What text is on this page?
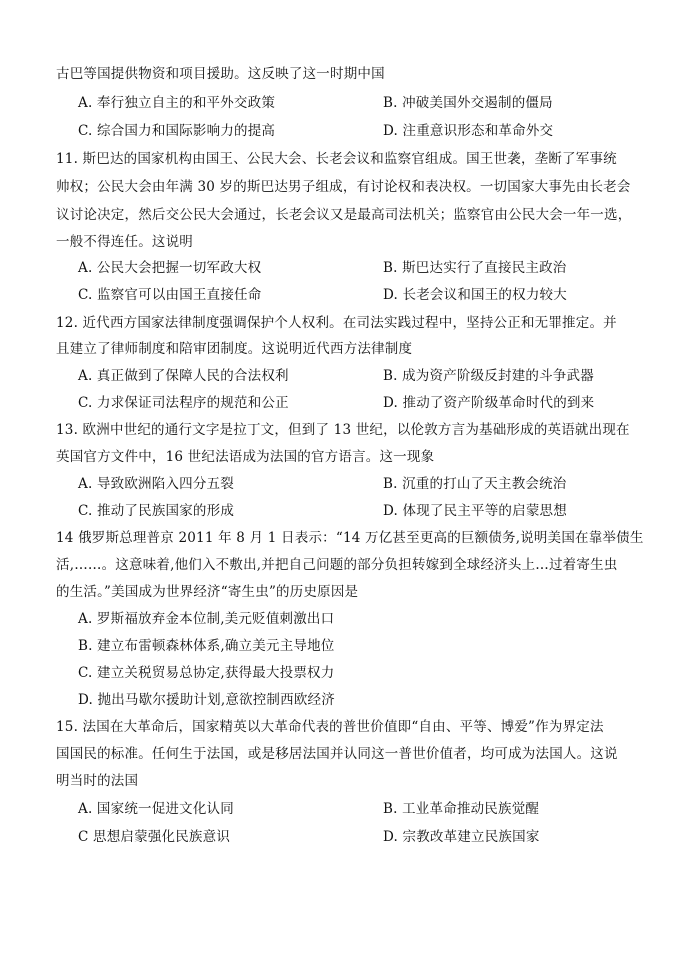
古巴等国提供物资和项目援助。这反映了这一时期中国
A. 奉行独立自主的和平外交政策	B. 冲破美国外交遏制的僵局
C. 综合国力和国际影响力的提高	D. 注重意识形态和革命外交
11. 斯巴达的国家机构由国王、公民大会、长老会议和监察官组成。国王世袭，垄断了军事统
帅权；公民大会由年满 30 岁的斯巴达男子组成，有讨论权和表决权。一切国家大事先由长老会
议讨论决定，然后交公民大会通过，长老会议又是最高司法机关；监察官由公民大会一年一选，
一般不得连任。这说明
A. 公民大会把握一切军政大权	B. 斯巴达实行了直接民主政治
C. 监察官可以由国王直接任命	D. 长老会议和国王的权力较大
12. 近代西方国家法律制度强调保护个人权利。在司法实践过程中，坚持公正和无罪推定。并
且建立了律师制度和陪审团制度。这说明近代西方法律制度
A. 真正做到了保障人民的合法权利	B. 成为资产阶级反封建的斗争武器
C. 力求保证司法程序的规范和公正	D. 推动了资产阶级革命时代的到来
13. 欧洲中世纪的通行文字是拉丁文，但到了 13 世纪，以伦敦方言为基础形成的英语就出现在
英国官方文件中，16 世纪法语成为法国的官方语言。这一现象
A. 导致欧洲陷入四分五裂	B. 沉重的打山了天主教会统治
C. 推动了民族国家的形成	D. 体现了民主平等的启蒙思想
14 俄罗斯总理普京 2011 年 8 月 1 日表示：“14 万亿甚至更高的巨额债务,说明美国在靠举债生
活,……。这意味着,他们入不敷出,并把自己问题的部分负担转嫁到全球经济头上…过着寄生虫
的生活。”美国成为世界经济“寄生虫”的历史原因是
A. 罗斯福放弃金本位制,美元贬值刺激出口
B. 建立布雷顿森林体系,确立美元主导地位
C. 建立关税贸易总协定,获得最大投票权力
D. 抛出马歇尔援助计划,意欲控制西欧经济
15. 法国在大革命后，国家精英以大革命代表的普世价值即“自由、平等、博爱”作为界定法
国国民的标准。任何生于法国，或是移居法国并认同这一普世价值者，均可成为法国人。这说
明当时的法国
A. 国家统一促进文化认同	B. 工业革命推动民族觉醒
C 思想启蒙强化民族意识	D. 宗教改革建立民族国家
